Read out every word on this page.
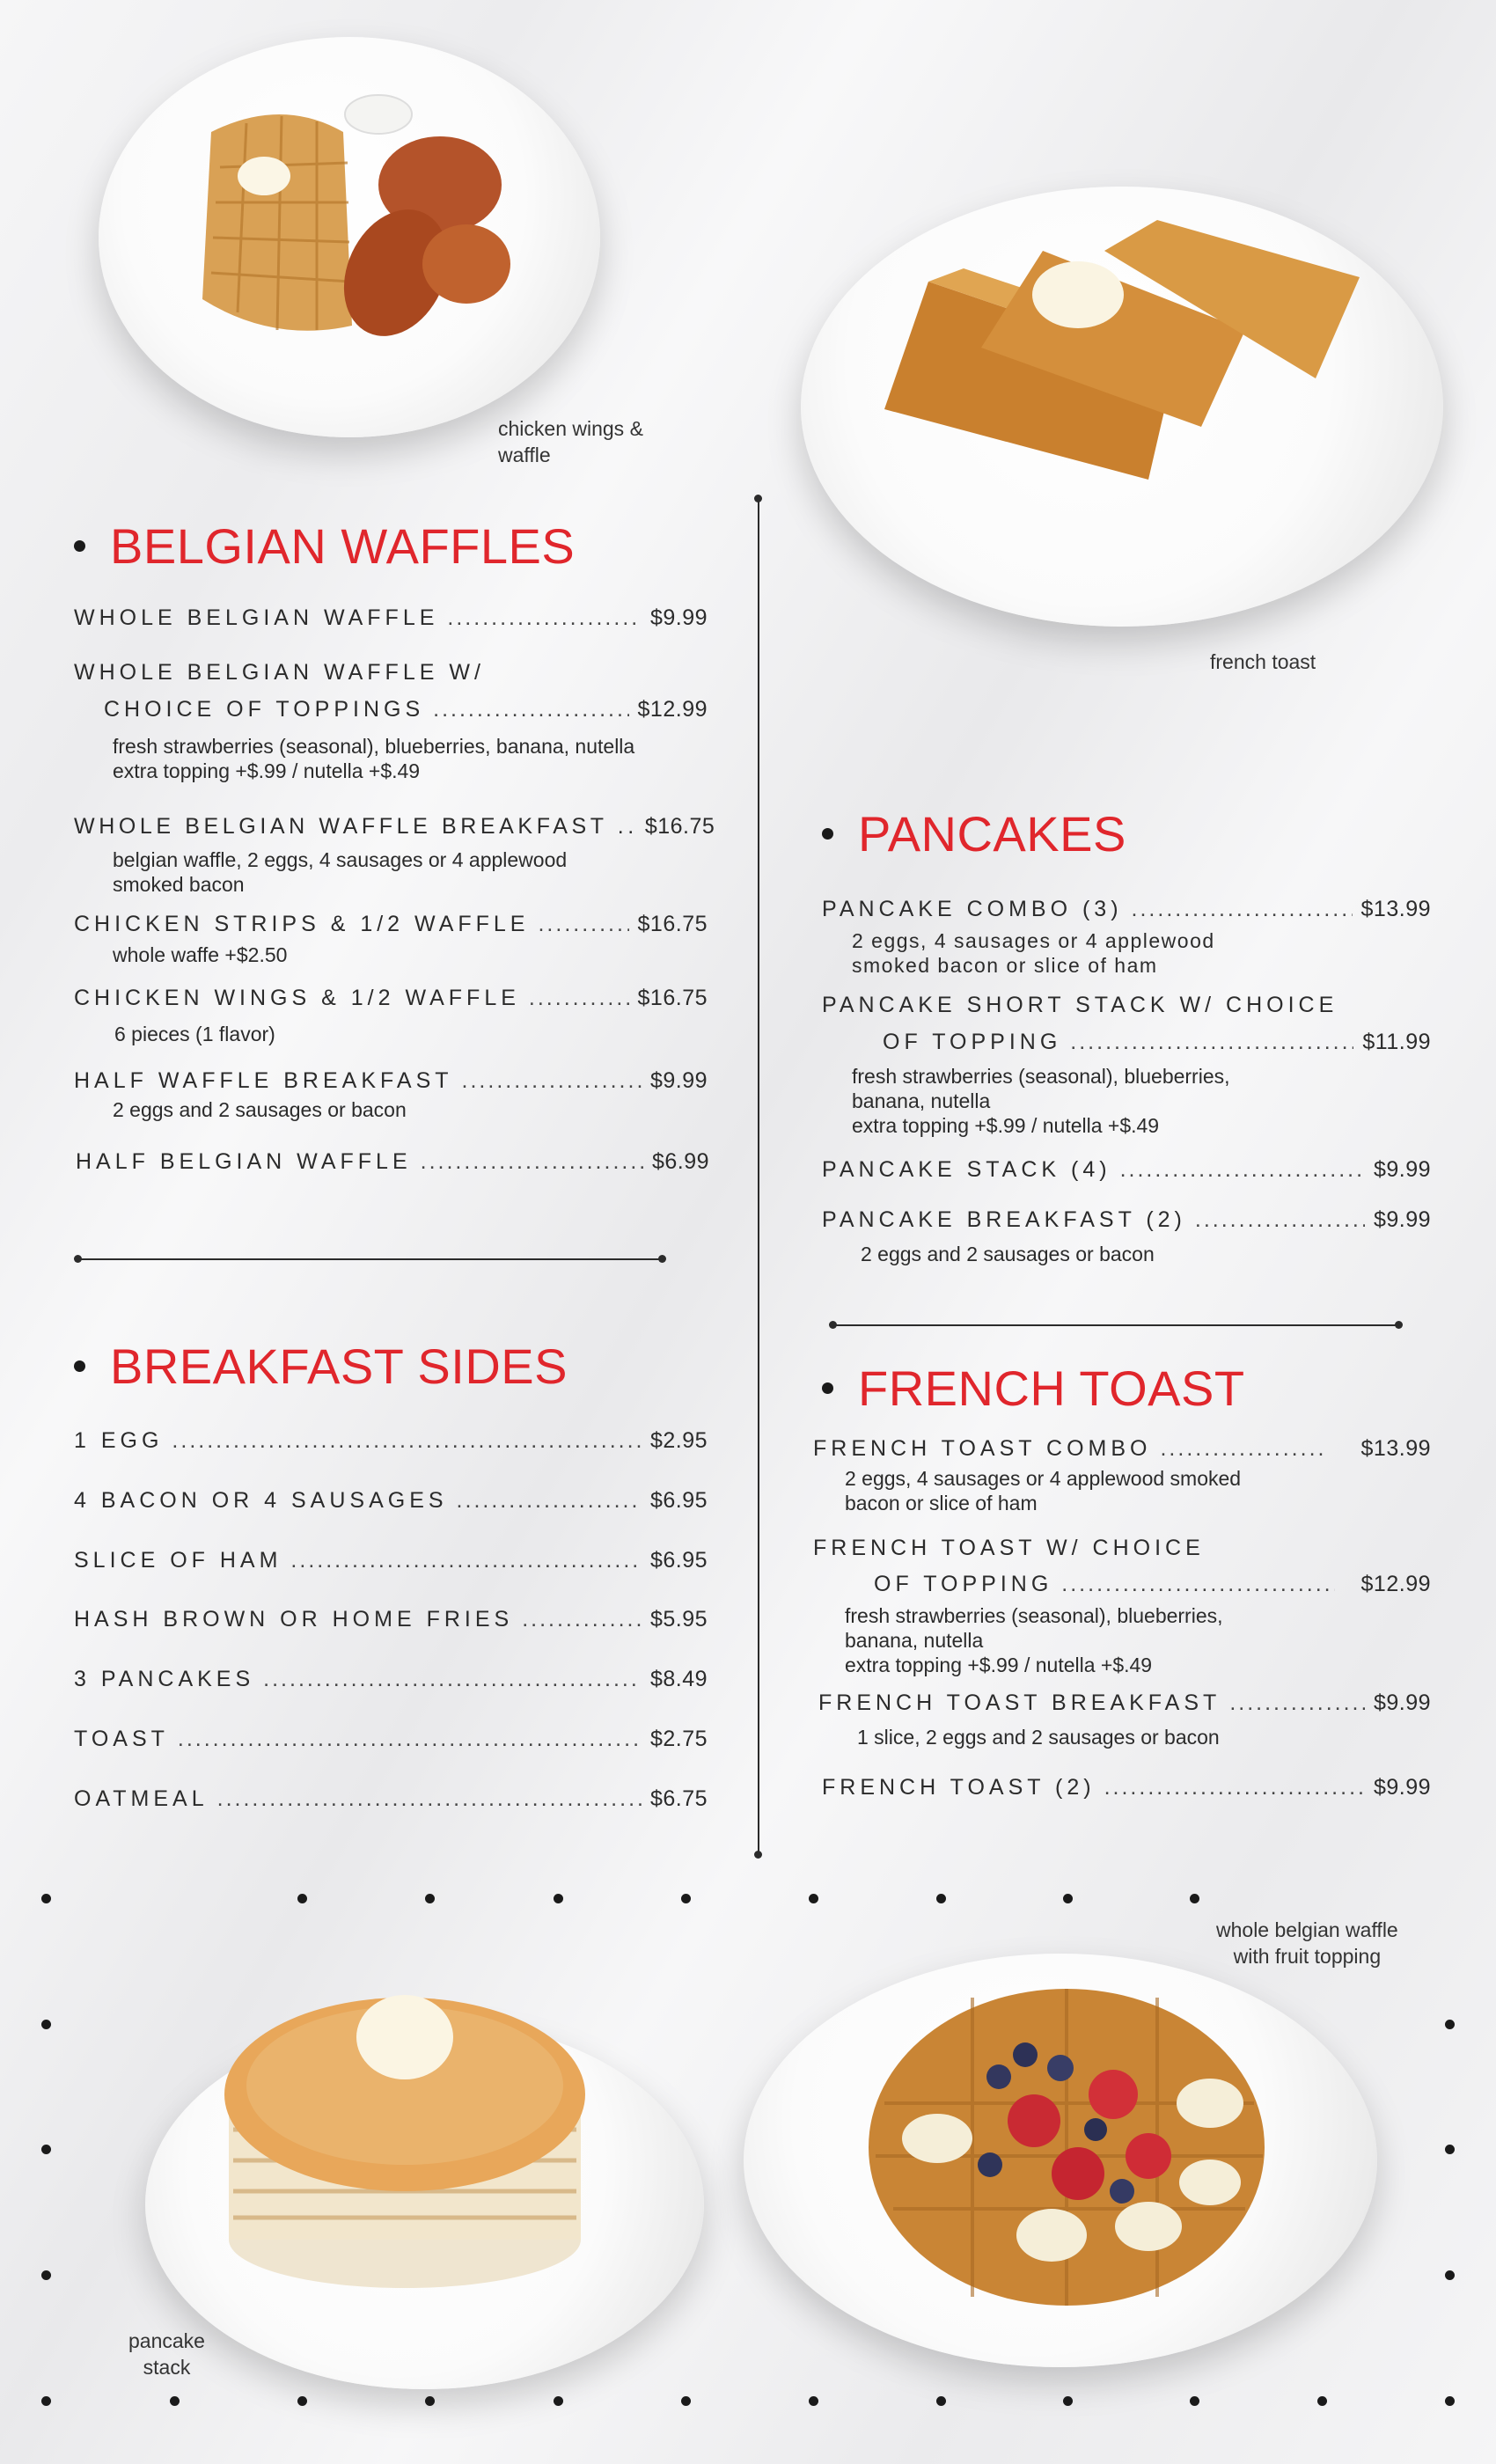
chicken wings &
waffle
french toast
BELGIAN WAFFLES
WHOLE BELGIAN WAFFLE .....	$9.99
WHOLE BELGIAN WAFFLE W/
CHOICE OF TOPPINGS .....	$12.99
fresh strawberries (seasonal), blueberries, banana, nutella
extra topping +$.99 / nutella +$.49
WHOLE BELGIAN WAFFLE BREAKFAST .. $16.75
belgian waffle, 2 eggs, 4 sausages or 4 applewood
smoked bacon
CHICKEN STRIPS & 1/2 WAFFLE .....	$16.75
whole waffe +$2.50
CHICKEN WINGS & 1/2 WAFFLE .....	$16.75
6 pieces (1 flavor)
HALF WAFFLE BREAKFAST .....	$9.99
2 eggs and 2 sausages or bacon
HALF BELGIAN WAFFLE .....	$6.99
BREAKFAST SIDES
1 EGG .....	$2.95
4 BACON OR 4 SAUSAGES .....	$6.95
SLICE OF HAM .....	$6.95
HASH BROWN OR HOME FRIES .....	$5.95
3 PANCAKES .....	$8.49
TOAST .....	$2.75
OATMEAL .....	$6.75
PANCAKES
PANCAKE COMBO (3) .....	$13.99
2 eggs, 4 sausages or 4 applewood
smoked bacon or slice of ham
PANCAKE SHORT STACK W/ CHOICE
OF TOPPING .....	$11.99
fresh strawberries (seasonal), blueberries,
banana, nutella
extra topping +$.99 / nutella +$.49
PANCAKE STACK (4) .....	$9.99
PANCAKE BREAKFAST (2) .....	$9.99
2 eggs and 2 sausages or bacon
FRENCH TOAST
FRENCH TOAST COMBO .....	$13.99
2 eggs, 4 sausages or 4 applewood smoked
bacon or slice of ham
FRENCH TOAST W/ CHOICE
OF TOPPING .....	$12.99
fresh strawberries (seasonal), blueberries,
banana, nutella
extra topping +$.99 / nutella +$.49
FRENCH TOAST BREAKFAST .....	$9.99
1 slice, 2 eggs and 2 sausages or bacon
FRENCH TOAST (2) .....	$9.99
pancake
stack
whole belgian waffle
with fruit topping
